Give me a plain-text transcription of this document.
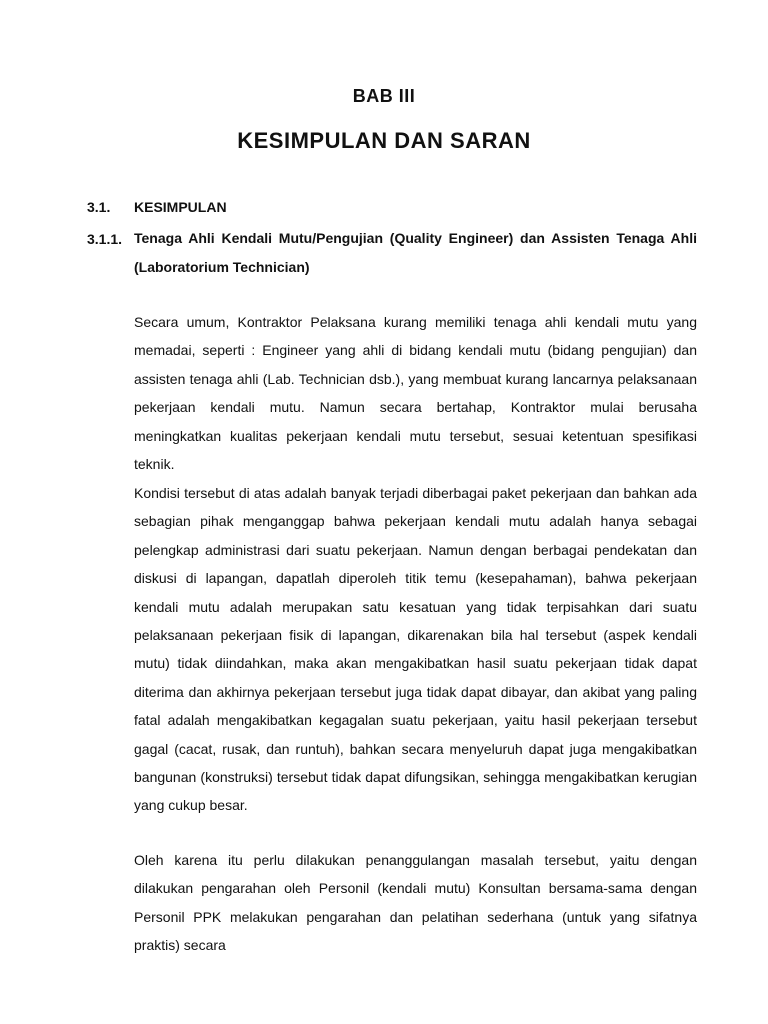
BAB III
KESIMPULAN DAN SARAN
3.1. KESIMPULAN
3.1.1. Tenaga Ahli Kendali Mutu/Pengujian (Quality Engineer) dan Assisten Tenaga Ahli (Laboratorium Technician)

Secara umum, Kontraktor Pelaksana kurang memiliki tenaga ahli kendali mutu yang memadai, seperti : Engineer yang ahli di bidang kendali mutu (bidang pengujian) dan assisten tenaga ahli (Lab. Technician dsb.), yang membuat kurang lancarnya pelaksanaan pekerjaan kendali mutu. Namun secara bertahap, Kontraktor mulai berusaha meningkatkan kualitas pekerjaan kendali mutu tersebut, sesuai ketentuan spesifikasi teknik.

Kondisi tersebut di atas adalah banyak terjadi diberbagai paket pekerjaan dan bahkan ada sebagian pihak menganggap bahwa pekerjaan kendali mutu adalah hanya sebagai pelengkap administrasi dari suatu pekerjaan. Namun dengan berbagai pendekatan dan diskusi di lapangan, dapatlah diperoleh titik temu (kesepahaman), bahwa pekerjaan kendali mutu adalah merupakan satu kesatuan yang tidak terpisahkan dari suatu pelaksanaan pekerjaan fisik di lapangan, dikarenakan bila hal tersebut (aspek kendali mutu) tidak diindahkan, maka akan mengakibatkan hasil suatu pekerjaan tidak dapat diterima dan akhirnya pekerjaan tersebut juga tidak dapat dibayar, dan akibat yang paling fatal adalah mengakibatkan kegagalan suatu pekerjaan, yaitu hasil pekerjaan tersebut gagal (cacat, rusak, dan runtuh), bahkan secara menyeluruh dapat juga mengakibatkan bangunan (konstruksi) tersebut tidak dapat difungsikan, sehingga mengakibatkan kerugian yang cukup besar.

Oleh karena itu perlu dilakukan penanggulangan masalah tersebut, yaitu dengan dilakukan pengarahan oleh Personil (kendali mutu) Konsultan bersama-sama dengan Personil PPK melakukan pengarahan dan pelatihan sederhana (untuk yang sifatnya praktis) secara
